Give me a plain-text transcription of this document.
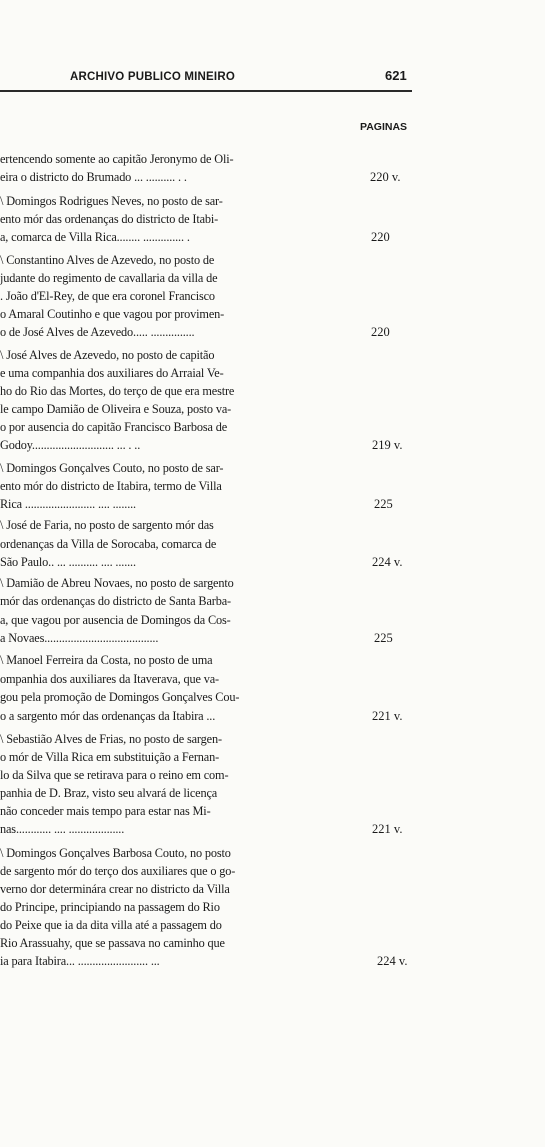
ARCHIVO PUBLICO MINEIRO	621
PAGINAS
ertencendo somente ao capitão Jeronymo de Oli-
eira o districto do Brumado ... .......... . .
\ Domingos Rodrigues Neves, no posto de sar-
ento mór das ordenanças do districto de Itabi-
a, comarca de Villa Rica........ .............. .
\ Constantino Alves de Azevedo, no posto de
judante do regimento de cavallaria da villa de
. João d'El-Rey, de que era coronel Francisco
o Amaral Coutinho e que vagou por provimen-
o de José Alves de Azevedo..... ...............
\ José Alves de Azevedo, no posto de capitão
e uma companhia dos auxiliares do Arraial Ve-
ho do Rio das Mortes, do terço de que era mestre
le campo Damião de Oliveira e Souza, posto va-
o por ausencia do capitão Francisco Barbosa de
Godoy............................ ... . ..
\ Domingos Gonçalves Couto, no posto de sar-
ento mór do districto de Itabira, termo de Villa
Rica ........................ .... ........
\ José de Faria, no posto de sargento mór das
ordenanças da Villa de Sorocaba, comarca de
São Paulo.. ... .......... .... .......
\ Damião de Abreu Novaes, no posto de sargento
mór das ordenanças do districto de Santa Barba-
a, que vagou por ausencia de Domingos da Cos-
a Novaes.......................................
\ Manoel Ferreira da Costa, no posto de uma
ompanhia dos auxiliares da Itaverava, que va-
gou pela promoção de Domingos Gonçalves Cou-
o a sargento mór das ordenanças da Itabira ...
\ Sebastião Alves de Frias, no posto de sargen-
o mór de Villa Rica em substituição a Fernan-
lo da Silva que se retirava para o reino em com-
panhia de D. Braz, visto seu alvará de licença
não conceder mais tempo para estar nas Mi-
nas............ .... ...................
\ Domingos Gonçalves Barbosa Couto, no posto
de sargento mór do terço dos auxiliares que o go-
verno dor determinára crear no districto da Villa
do Principe, principiando na passagem do Rio
do Peixe que ia da dita villa até a passagem do
Rio Arassuahy, que se passava no caminho que
ia para Itabira... ........................ ...
220 v.
220
220
219 v.
225
224 v.
225
221 v.
221 v.
224 v.
